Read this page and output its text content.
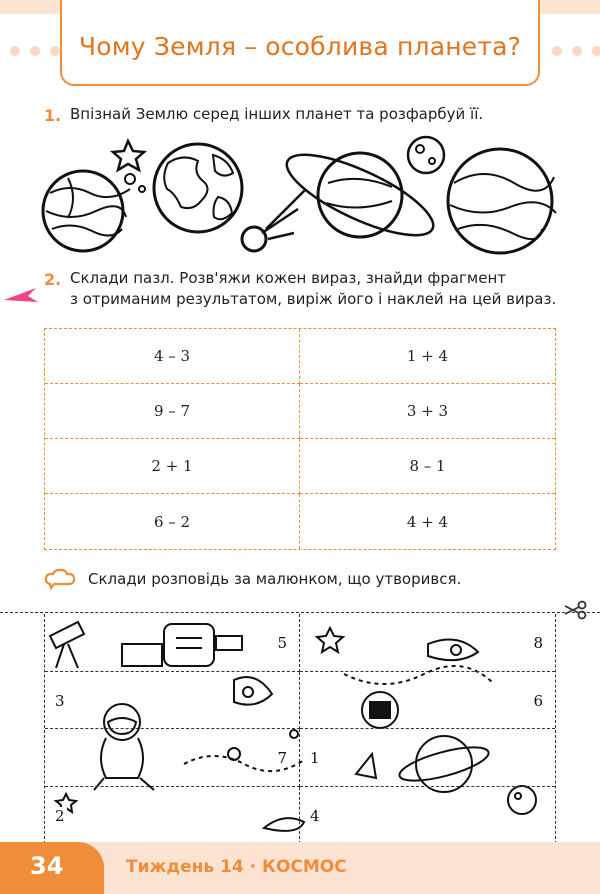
Чому Земля – особлива планета?
1. Впізнай Землю серед інших планет та розфарбуй її.
2. Склади пазл. Розв'яжи кожен вираз, знайди фрагмент
з отриманим результатом, виріж його і наклей на цей вираз.
4 – 3	1 + 4
9 – 7	3 + 3
2 + 1	8 – 1
6 – 2	4 + 4
Склади розповідь за малюнком, що утворився.
5	8
3	6
7 1
2	4
34	Тиждень 14 · КОСМОС
